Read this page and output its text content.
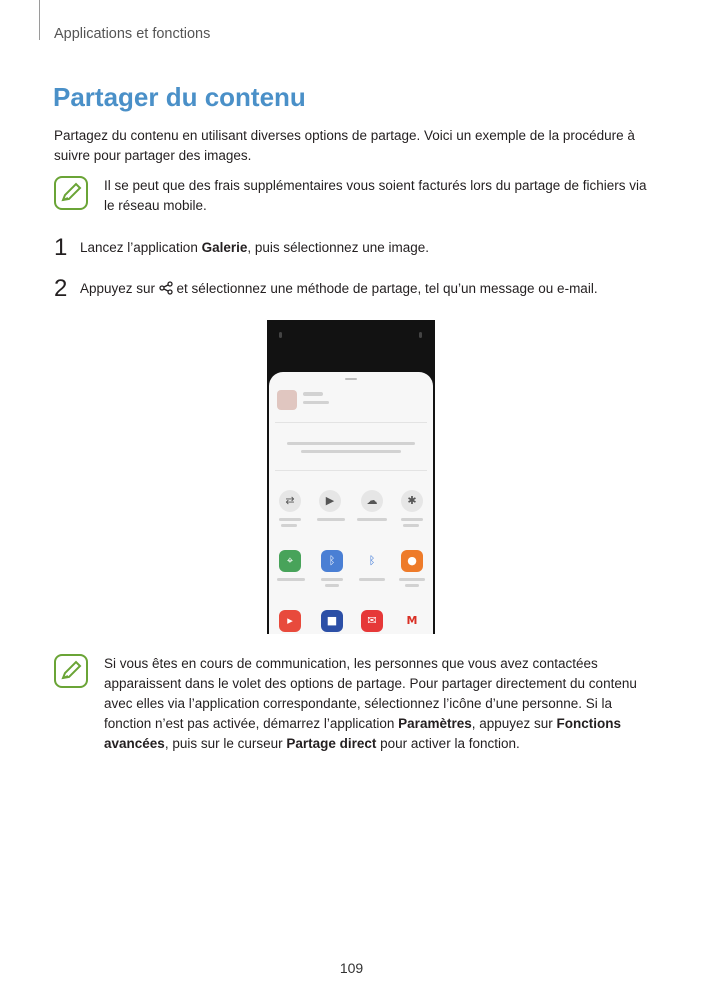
Applications et fonctions
Partager du contenu

Partagez du contenu en utilisant diverses options de partage. Voici un exemple de la procédure à suivre pour partager des images.

Il se peut que des frais supplémentaires vous soient facturés lors du partage de fichiers via le réseau mobile.

1 Lancez l’application Galerie, puis sélectionnez une image.
2 Appuyez sur  et sélectionnez une méthode de partage, tel qu’un message ou e-mail.
⇄	▶	☁	✱
⌖	ᛒ	ᛒ	●
▸	■	✉	M

Si vous êtes en cours de communication, les personnes que vous avez contactées apparaissent dans le volet des options de partage. Pour partager directement du contenu avec elles via l’application correspondante, sélectionnez l’icône d’une personne. Si la fonction n’est pas activée, démarrez l’application Paramètres, appuyez sur Fonctions avancées, puis sur le curseur Partage direct pour activer la fonction.

109
